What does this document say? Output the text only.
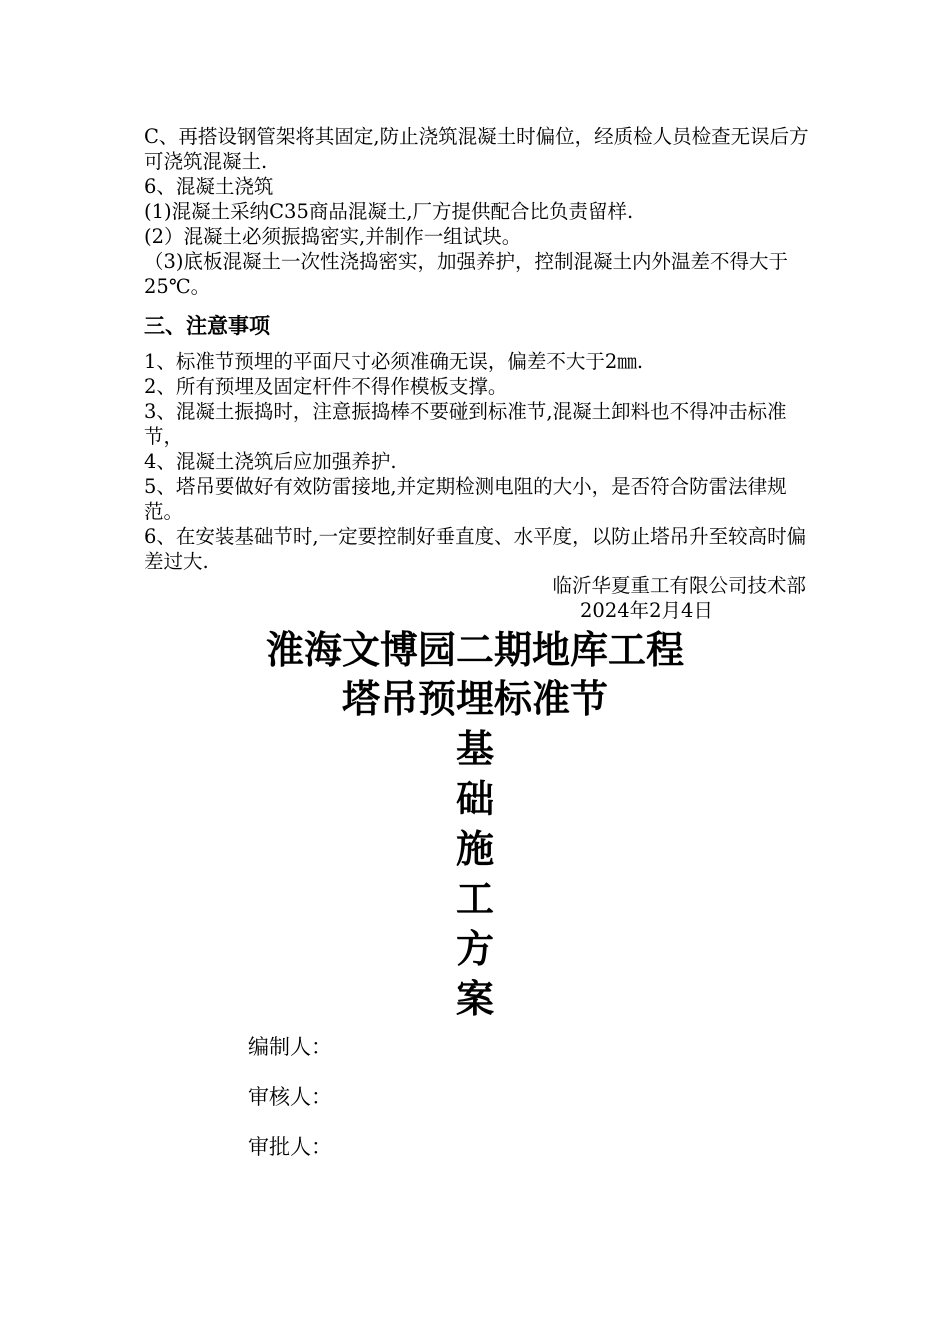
C、再搭设钢管架将其固定,防止浇筑混凝土时偏位，经质检人员检查无误后方可浇筑混凝土.
6、混凝土浇筑
(1)混凝土采纳C35商品混凝土,厂方提供配合比负责留样.
(2）混凝土必须振捣密实,并制作一组试块。
（3)底板混凝土一次性浇捣密实，加强养护，控制混凝土内外温差不得大于25℃。
三、注意事项
1、标准节预埋的平面尺寸必须准确无误，偏差不大于2㎜.
2、所有预埋及固定杆件不得作模板支撑。
3、混凝土振捣时，注意振捣棒不要碰到标准节,混凝土卸料也不得冲击标准节，
4、混凝土浇筑后应加强养护.
5、塔吊要做好有效防雷接地,并定期检测电阻的大小，是否符合防雷法律规范。
6、在安装基础节时,一定要控制好垂直度、水平度，以防止塔吊升至较高时偏差过大.
临沂华夏重工有限公司技术部
2024年2月4日
淮海文博园二期地库工程
塔吊预埋标准节
基
础
施
工
方
案
编制人：
审核人：
审批人：
